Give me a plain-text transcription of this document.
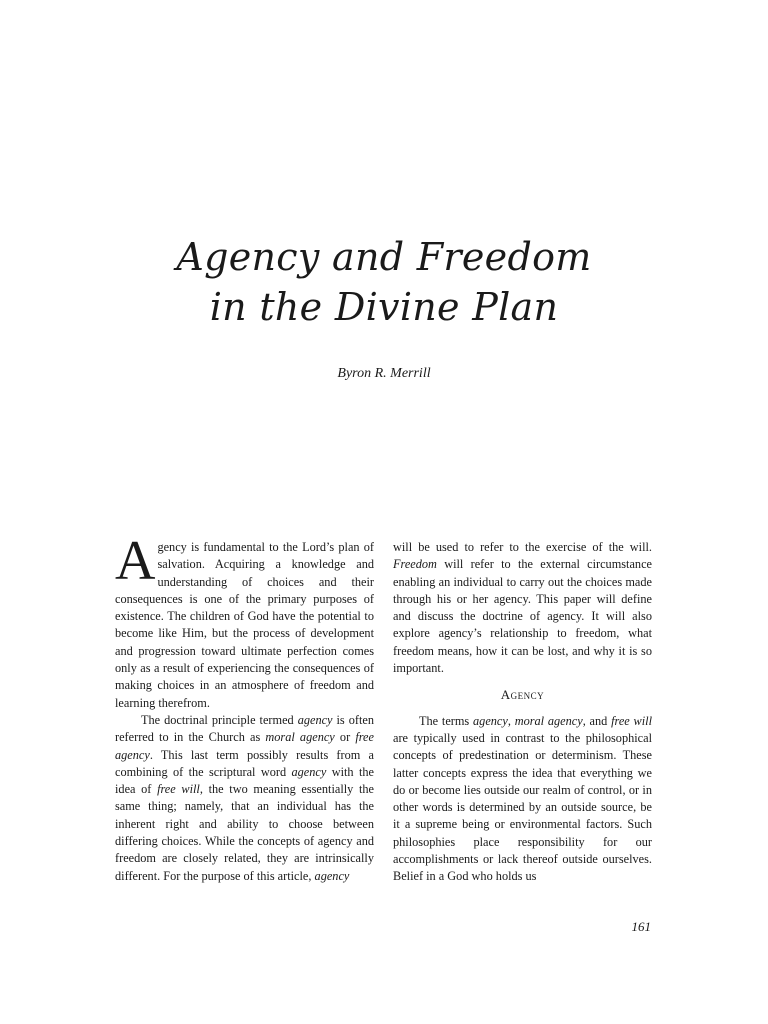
Agency and Freedom
in the Divine Plan
Byron R. Merrill

Agency is fundamental to the Lord’s plan of salvation. Acquiring a knowledge and understanding of choices and their consequences is one of the primary purposes of existence. The children of God have the potential to become like Him, but the process of development and progression toward ultimate perfection comes only as a result of experiencing the consequences of making choices in an atmosphere of freedom and learning therefrom.

The doctrinal principle termed agency is often referred to in the Church as moral agency or free agency. This last term possibly results from a combining of the scriptural word agency with the idea of free will, the two meaning essentially the same thing; namely, that an individual has the inherent right and ability to choose between differing choices. While the concepts of agency and freedom are closely related, they are intrinsically different. For the purpose of this article, agency

will be used to refer to the exercise of the will. Freedom will refer to the external circumstance enabling an individual to carry out the choices made through his or her agency. This paper will define and discuss the doctrine of agency. It will also explore agency’s relationship to freedom, what freedom means, how it can be lost, and why it is so important.

Agency

The terms agency, moral agency, and free will are typically used in contrast to the philosophical concepts of predestination or determinism. These latter concepts express the idea that everything we do or become lies outside our realm of control, or in other words is determined by an outside source, be it a supreme being or environmental factors. Such philosophies place responsibility for our accomplishments or lack thereof outside ourselves. Belief in a God who holds us

161
